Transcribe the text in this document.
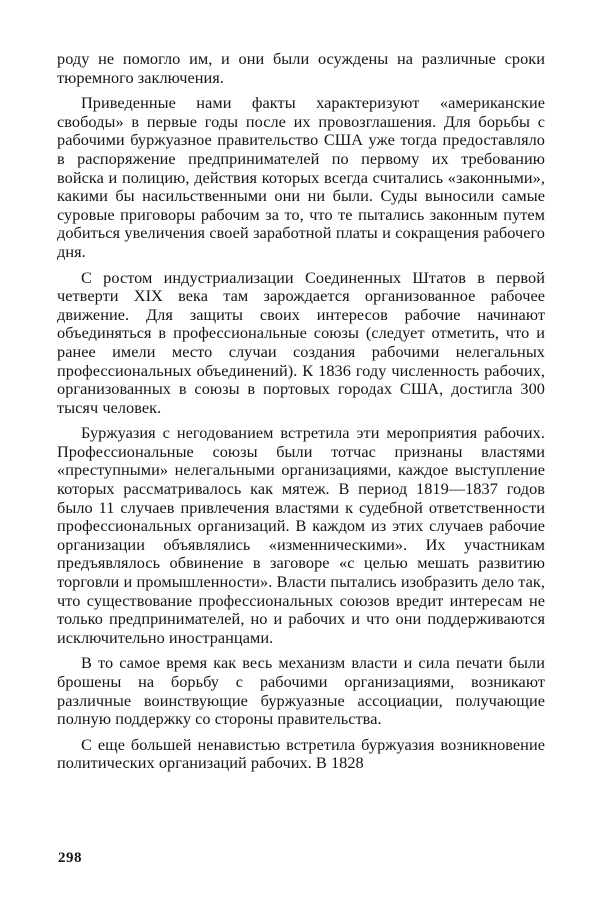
роду не помогло им, и они были осуждены на различные сроки тюремного заключения.

Приведенные нами факты характеризуют «американские свободы» в первые годы после их провозглашения. Для борьбы с рабочими буржуазное правительство США уже тогда предоставляло в распоряжение предпринимателей по первому их требованию войска и полицию, действия которых всегда считались «законными», какими бы насильственными они ни были. Суды выносили самые суровые приговоры рабочим за то, что те пытались законным путем добиться увеличения своей заработной платы и сокращения рабочего дня.

С ростом индустриализации Соединенных Штатов в первой четверти XIX века там зарождается организованное рабочее движение. Для защиты своих интересов рабочие начинают объединяться в профессиональные союзы (следует отметить, что и ранее имели место случаи создания рабочими нелегальных профессиональных объединений). К 1836 году численность рабочих, организованных в союзы в портовых городах США, достигла 300 тысяч человек.

Буржуазия с негодованием встретила эти мероприятия рабочих. Профессиональные союзы были тотчас признаны властями «преступными» нелегальными организациями, каждое выступление которых рассматривалось как мятеж. В период 1819—1837 годов было 11 случаев привлечения властями к судебной ответственности профессиональных организаций. В каждом из этих случаев рабочие организации объявлялись «изменническими». Их участникам предъявлялось обвинение в заговоре «с целью мешать развитию торговли и промышленности». Власти пытались изобразить дело так, что существование профессиональных союзов вредит интересам не только предпринимателей, но и рабочих и что они поддерживаются исключительно иностранцами.

В то самое время как весь механизм власти и сила печати были брошены на борьбу с рабочими организациями, возникают различные воинствующие буржуазные ассоциации, получающие полную поддержку со стороны правительства.

С еще большей ненавистью встретила буржуазия возникновение политических организаций рабочих. В 1828

298
